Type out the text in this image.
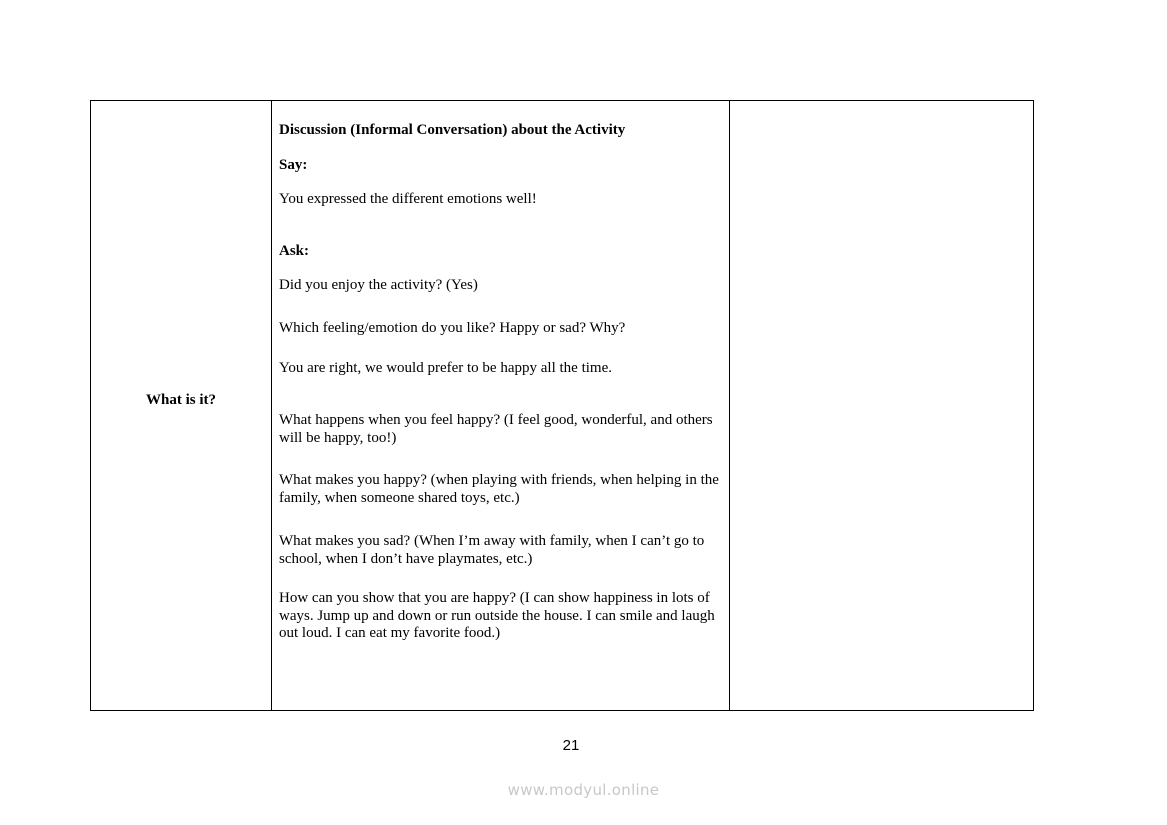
What is it?
Discussion (Informal Conversation) about the Activity
Say:
You expressed the different emotions well!
Ask:
Did you enjoy the activity? (Yes)
Which feeling/emotion do you like? Happy or sad? Why?
You are right, we would prefer to be happy all the time.
What happens when you feel happy? (I feel good, wonderful, and others will be happy, too!)
What makes you happy? (when playing with friends, when helping in the family, when someone shared toys, etc.)
What makes you sad? (When I’m away with family, when I can’t go to school, when I don’t have playmates, etc.)
How can you show that you are happy? (I can show happiness in lots of ways. Jump up and down or run outside the house. I can smile and laugh out loud. I can eat my favorite food.)
21
www.modyul.online
